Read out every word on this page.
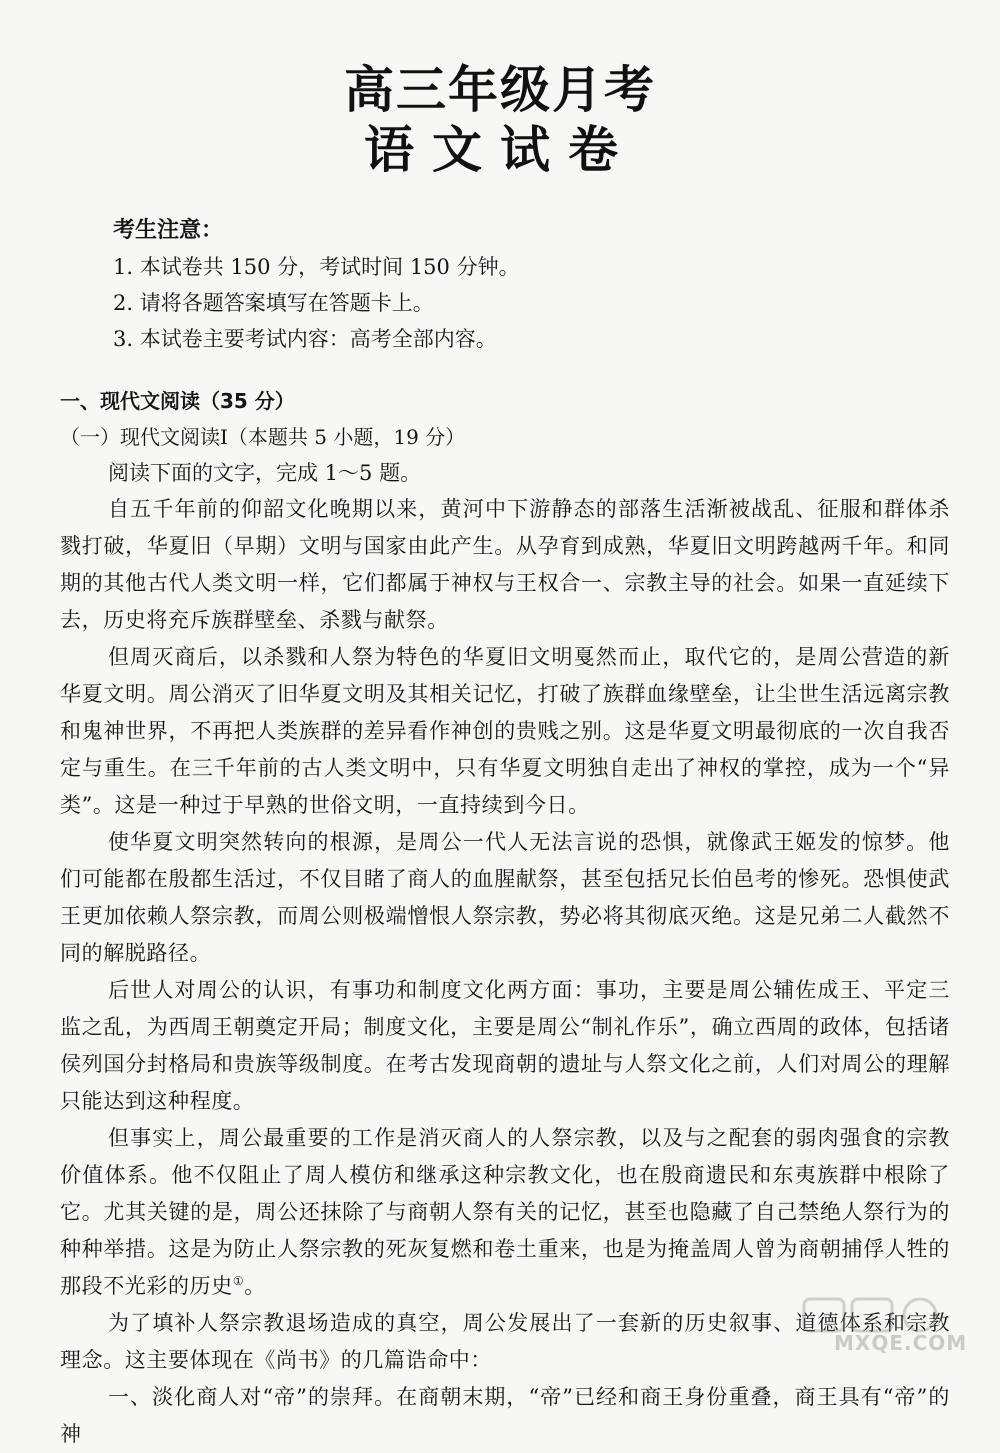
高三年级月考
语文试卷
考生注意：
1. 本试卷共 150 分，考试时间 150 分钟。
2. 请将各题答案填写在答题卡上。
3. 本试卷主要考试内容：高考全部内容。
一、现代文阅读（35 分）
（一）现代文阅读Ⅰ（本题共 5 小题，19 分）
阅读下面的文字，完成 1～5 题。

自五千年前的仰韶文化晚期以来，黄河中下游静态的部落生活渐被战乱、征服和群体杀戮打破，华夏旧（早期）文明与国家由此产生。从孕育到成熟，华夏旧文明跨越两千年。和同期的其他古代人类文明一样，它们都属于神权与王权合一、宗教主导的社会。如果一直延续下去，历史将充斥族群壁垒、杀戮与献祭。

但周灭商后，以杀戮和人祭为特色的华夏旧文明戛然而止，取代它的，是周公营造的新华夏文明。周公消灭了旧华夏文明及其相关记忆，打破了族群血缘壁垒，让尘世生活远离宗教和鬼神世界，不再把人类族群的差异看作神创的贵贱之别。这是华夏文明最彻底的一次自我否定与重生。在三千年前的古人类文明中，只有华夏文明独自走出了神权的掌控，成为一个“异类”。这是一种过于早熟的世俗文明，一直持续到今日。

使华夏文明突然转向的根源，是周公一代人无法言说的恐惧，就像武王姬发的惊梦。他们可能都在殷都生活过，不仅目睹了商人的血腥献祭，甚至包括兄长伯邑考的惨死。恐惧使武王更加依赖人祭宗教，而周公则极端憎恨人祭宗教，势必将其彻底灭绝。这是兄弟二人截然不同的解脱路径。

后世人对周公的认识，有事功和制度文化两方面：事功，主要是周公辅佐成王、平定三监之乱，为西周王朝奠定开局；制度文化，主要是周公“制礼作乐”，确立西周的政体，包括诸侯列国分封格局和贵族等级制度。在考古发现商朝的遗址与人祭文化之前，人们对周公的理解只能达到这种程度。

但事实上，周公最重要的工作是消灭商人的人祭宗教，以及与之配套的弱肉强食的宗教价值体系。他不仅阻止了周人模仿和继承这种宗教文化，也在殷商遗民和东夷族群中根除了它。尤其关键的是，周公还抹除了与商朝人祭有关的记忆，甚至也隐藏了自己禁绝人祭行为的种种举措。这是为防止人祭宗教的死灰复燃和卷土重来，也是为掩盖周人曾为商朝捕俘人牲的那段不光彩的历史①。

为了填补人祭宗教退场造成的真空，周公发展出了一套新的历史叙事、道德体系和宗教理念。这主要体现在《尚书》的几篇诰命中：

一、淡化商人对“帝”的崇拜。在商朝末期，“帝”已经和商王身份重叠，商王具有“帝”的神

MXQE.COM
